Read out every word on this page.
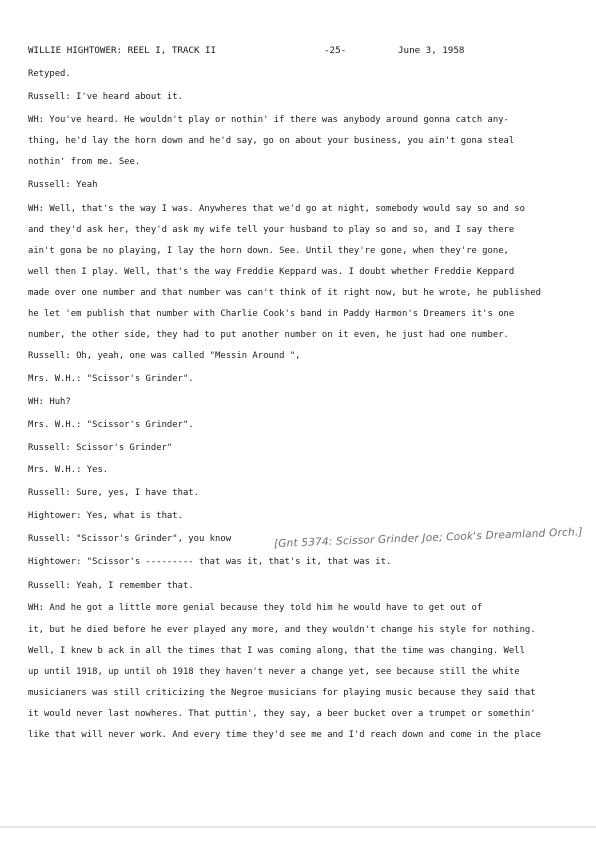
WILLIE HIGHTOWER: REEL I, TRACK II	-25-	June 3, 1958
Retyped.
Russell: I've heard about it.
WH: You've heard. He wouldn't play or nothin' if there was anybody around gonna catch any-
thing, he'd lay the horn down and he'd say, go on about your business, you ain't gona steal
nothin' from me. See.
Russell: Yeah
WH: Well, that's the way I was. Anywheres that we'd go at night, somebody would say so and so
and they'd ask her, they'd ask my wife tell your husband to play so and so, and I say there
ain't gona be no playing, I lay the horn down. See. Until they're gone, when they're gone,
well then I play. Well, that's the way Freddie Keppard was. I doubt whether Freddie Keppard
made over one number and that number was can't think of it right now, but he wrote, he published
he let 'em publish that number with Charlie Cook's band in Paddy Harmon's Dreamers it's one
number, the other side, they had to put another number on it even, he just had one number.
Russell: Oh, yeah, one was called "Messin Around ",
Mrs. W.H.: "Scissor's Grinder".
WH: Huh?
Mrs. W.H.: "Scissor's Grinder".
Russell: Scissor's Grinder"
Mrs. W.H.: Yes.
Russell: Sure, yes, I have that.
Hightower: Yes, what is that.
Russell: "Scissor's Grinder", you know
Hightower: "Scissor's --------- that was it, that's it, that was it.
Russell: Yeah, I remember that.
WH: And he got a little more genial because they told him he would have to get out of
it, but he died before he ever played any more, and they wouldn't change his style for nothing.
Well, I knew b ack in all the times that I was coming along, that the time was changing. Well
up until 1918, up until oh 1918 they haven't never a change yet, see because still the white
musicianers was still criticizing the Negroe musicians for playing music because they said that
it would never last nowheres. That puttin', they say, a beer bucket over a trumpet or somethin'
like that will never work. And every time they'd see me and I'd reach down and come in the place
[Gnt 5374: Scissor Grinder Joe; Cook's Dreamland Orch.]
